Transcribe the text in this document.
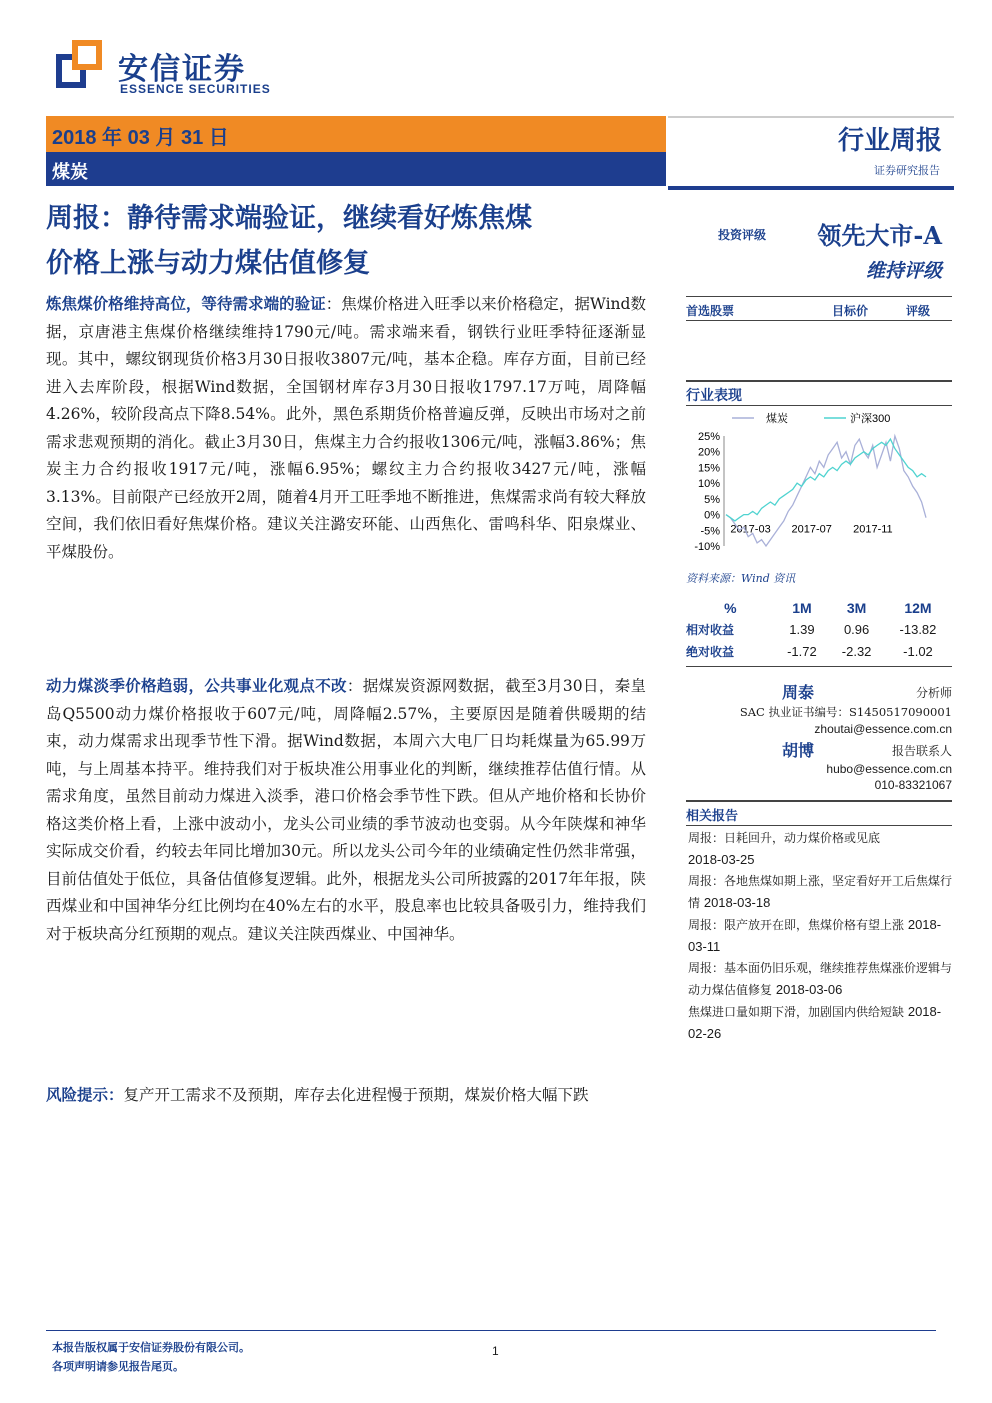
安信证券
ESSENCE SECURITIES
2018 年 03 月 31 日
煤炭
行业周报
证券研究报告
周报：静待需求端验证，继续看好炼焦煤
价格上涨与动力煤估值修复
炼焦煤价格维持高位，等待需求端的验证：焦煤价格进入旺季以来价格稳定，据Wind数据，京唐港主焦煤价格继续维持1790元/吨。需求端来看，钢铁行业旺季特征逐渐显现。其中，螺纹钢现货价格3月30日报收3807元/吨，基本企稳。库存方面，目前已经进入去库阶段，根据Wind数据，全国钢材库存3月30日报收1797.17万吨，周降幅4.26%，较阶段高点下降8.54%。此外，黑色系期货价格普遍反弹，反映出市场对之前需求悲观预期的消化。截止3月30日，焦煤主力合约报收1306元/吨，涨幅3.86%；焦炭主力合约报收1917元/吨，涨幅6.95%；螺纹主力合约报收3427元/吨，涨幅3.13%。目前限产已经放开2周，随着4月开工旺季地不断推进，焦煤需求尚有较大释放空间，我们依旧看好焦煤价格。建议关注潞安环能、山西焦化、雷鸣科华、阳泉煤业、平煤股份。
动力煤淡季价格趋弱，公共事业化观点不改：据煤炭资源网数据，截至3月30日，秦皇岛Q5500动力煤价格报收于607元/吨，周降幅2.57%，主要原因是随着供暖期的结束，动力煤需求出现季节性下滑。据Wind数据，本周六大电厂日均耗煤量为65.99万吨，与上周基本持平。维持我们对于板块准公用事业化的判断，继续推荐估值行情。从需求角度，虽然目前动力煤进入淡季，港口价格会季节性下跌。但从产地价格和长协价格这类价格上看，上涨中波动小，龙头公司业绩的季节波动也变弱。从今年陕煤和神华实际成交价看，约较去年同比增加30元。所以龙头公司今年的业绩确定性仍然非常强，目前估值处于低位，具备估值修复逻辑。此外，根据龙头公司所披露的2017年年报，陕西煤业和中国神华分红比例均在40%左右的水平，股息率也比较具备吸引力，维持我们对于板块高分红预期的观点。建议关注陕西煤业、中国神华。
风险提示：复产开工需求不及预期，库存去化进程慢于预期，煤炭价格大幅下跌
投资评级 领先大市-A
维持评级
首选股票	目标价	评级
行业表现
煤炭	沪深300
25%
20%
15%
10%
5%
0%
-5%
-10%
2017-03 2017-07 2017-11
资料来源：Wind 资讯
%	1M	3M	12M
相对收益	1.39	0.96	-13.82
绝对收益	-1.72	-2.32	-1.02
周泰	分析师
SAC 执业证书编号：S1450517090001
zhoutai@essence.com.cn
胡博	报告联系人
hubo@essence.com.cn
010-83321067
相关报告
周报：日耗回升，动力煤价格或见底
2018-03-25
周报：各地焦煤如期上涨，坚定看好开工后焦煤行情 2018-03-18
周报：限产放开在即，焦煤价格有望上涨 2018-03-11
周报：基本面仍旧乐观，继续推荐焦煤涨价逻辑与动力煤估值修复 2018-03-06
焦煤进口量如期下滑，加剧国内供给短缺 2018-02-26
本报告版权属于安信证券股份有限公司。
各项声明请参见报告尾页。
1
